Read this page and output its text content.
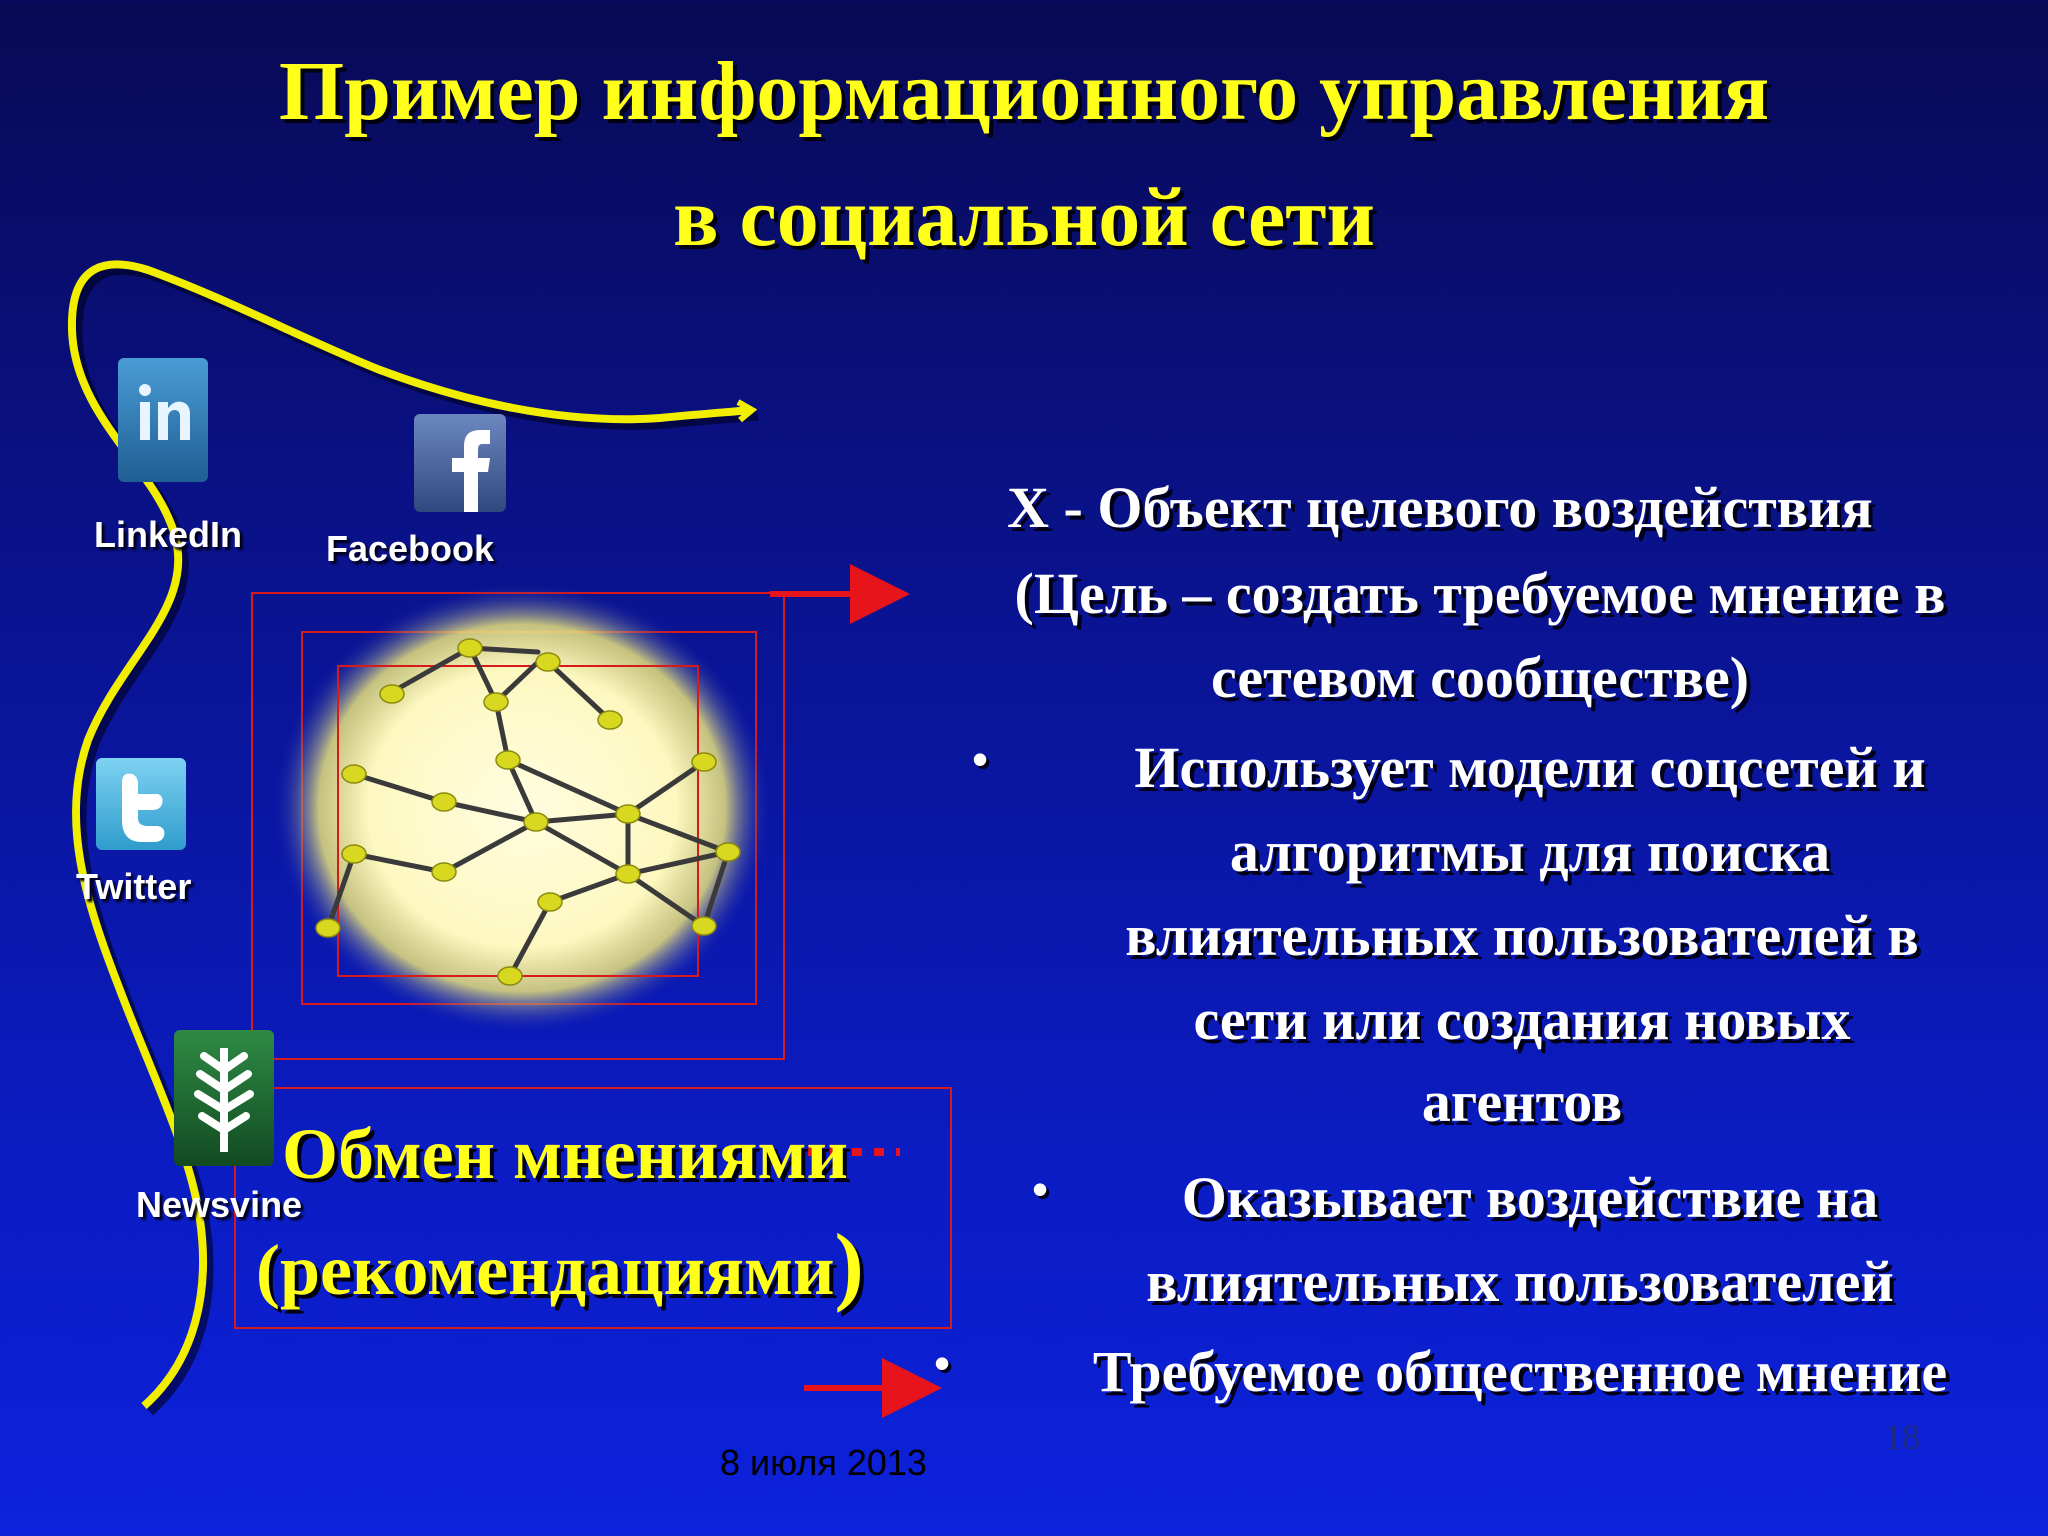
Пример информационного управления
в социальной сети
LinkedIn Facebook
Twitter
Newsvine
X - Объект целевого воздействия
(Цель – создать требуемое мнение в
сетевом сообществе)
•	Использует модели соцсетей и
алгоритмы для поиска
влиятельных пользователей в
сети или создания новых
агентов
•	Оказывает воздействие на
влиятельных пользователей
•	Требуемое общественное мнение
Обмен мнениями
(рекомендациями)
8 июля 2013
18
